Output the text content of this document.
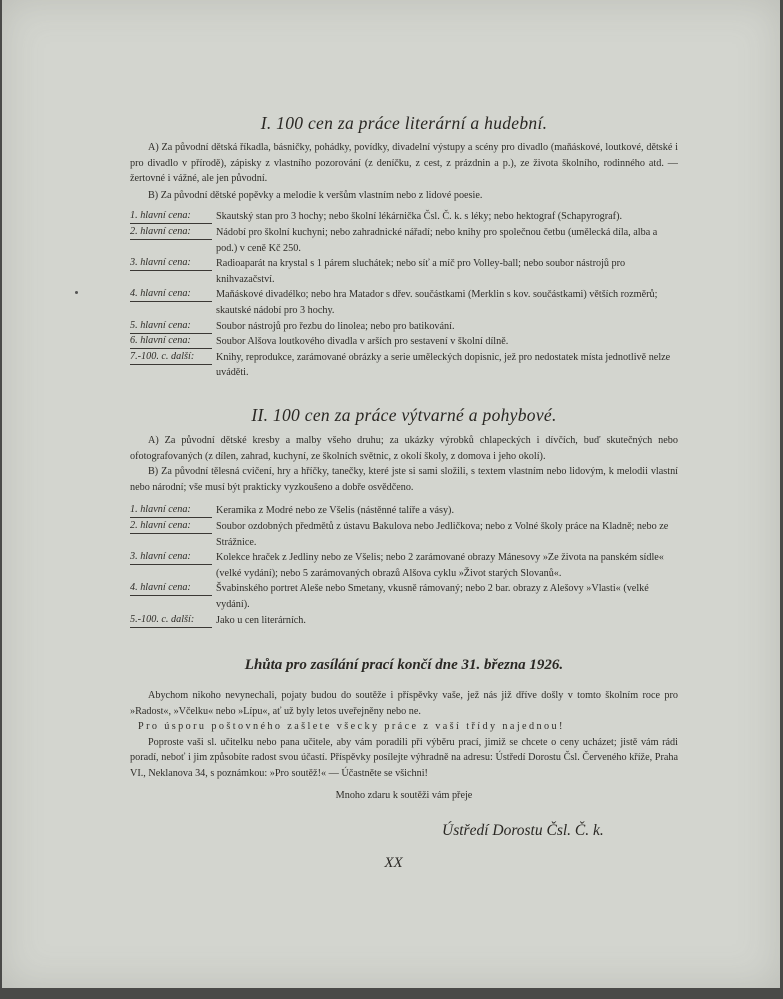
I. 100 cen za práce literární a hudební.
A) Za původní dětská říkadla, básničky, pohádky, povídky, divadelní výstupy a scény pro divadlo (maňáskové, loutkové, dětské i pro divadlo v přírodě), zápisky z vlastního pozorování (z deníčku, z cest, z prázdnin a p.), ze života školního, rodinného atd. — žertovné i vážné, ale jen původní.
B) Za původní dětské popěvky a melodie k veršům vlastním nebo z lidové poesie.
1. hlavní cena:	Skautský stan pro 3 hochy; nebo školní lékárnička Čsl. Č. k. s léky; nebo hektograf (Schapyrograf).
2. hlavní cena:	Nádobí pro školní kuchyni; nebo zahradnické nářadí; nebo knihy pro společnou četbu (umělecká díla, alba a pod.) v ceně Kč 250.
3. hlavní cena:	Radioaparát na krystal s 1 párem sluchátek; nebo síť a míč pro Volley-ball; nebo soubor nástrojů pro knihvazačství.
4. hlavní cena:	Maňáskové divadélko; nebo hra Matador s dřev. součástkami (Merklin s kov. součástkami) větších rozměrů; skautské nádobí pro 3 hochy.
5. hlavní cena:	Soubor nástrojů pro řezbu do linolea; nebo pro batikování.
6. hlavní cena:	Soubor Alšova loutkového divadla v arších pro sestavení v školní dílně.
7.-100. c. další:	Knihy, reprodukce, zarámované obrázky a serie uměleckých dopisnic, jež pro nedostatek místa jednotlivě nelze uváděti.
II. 100 cen za práce výtvarné a pohybové.
A) Za původní dětské kresby a malby všeho druhu; za ukázky výrobků chlapeckých i dívčích, buď skutečných nebo ofotografovaných (z dílen, zahrad, kuchyní, ze školních světnic, z okolí školy, z domova i jeho okolí).
B) Za původní tělesná cvičení, hry a hříčky, tanečky, které jste si sami složili, s textem vlastním nebo lidovým, k melodii vlastní nebo národní; vše musí být prakticky vyzkoušeno a dobře osvědčeno.
1. hlavní cena:	Keramika z Modré nebo ze Všelis (nástěnné talíře a vásy).
2. hlavní cena:	Soubor ozdobných předmětů z ústavu Bakulova nebo Jedličkova; nebo z Volné školy práce na Kladně; nebo ze Strážnice.
3. hlavní cena:	Kolekce hraček z Jedliny nebo ze Všelis; nebo 2 zarámované obrazy Mánesovy »Ze života na panském sídle« (velké vydání); nebo 5 zarámovaných obrazů Alšova cyklu »Život starých Slovanů«.
4. hlavní cena:	Švabinského portret Aleše nebo Smetany, vkusně rámovaný; nebo 2 bar. obrazy z Alešovy »Vlasti« (velké vydání).
5.-100. c. další:	Jako u cen literárních.
Lhůta pro zasílání prací končí dne 31. března 1926.
Abychom nikoho nevynechali, pojaty budou do soutěže i příspěvky vaše, jež nás již dříve došly v tomto školním roce pro »Radost«, »Včelku« nebo »Lípu«, ať už byly letos uveřejněny nebo ne.
Pro úsporu poštovného zašlete všecky práce z vaší třídy najednou!
Poproste vaši sl. učitelku nebo pana učitele, aby vám poradili při výběru prací, jimiž se chcete o ceny ucházet; jistě vám rádi poradí, neboť i jim způsobíte radost svou účastí. Příspěvky posílejte výhradně na adresu: Ústředí Dorostu Čsl. Červeného kříže, Praha VI., Neklanova 34, s poznámkou: »Pro soutěž!« — Účastněte se všichni!
Mnoho zdaru k soutěži vám přeje
Ústředí Dorostu Čsl. Č. k.
XX
